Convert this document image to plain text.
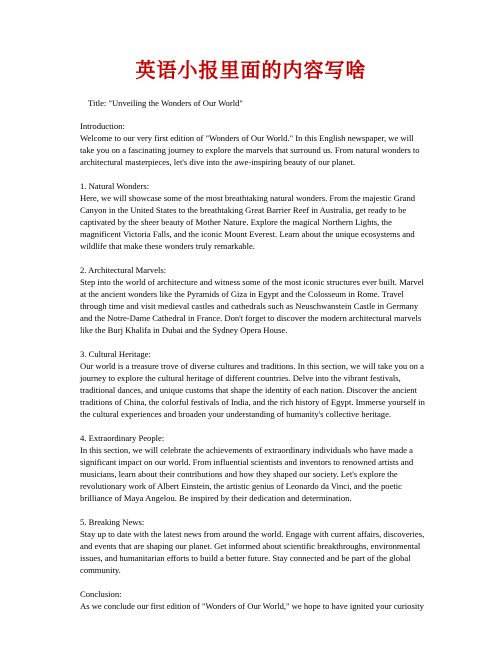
英语小报里面的内容写啥

Title: "Unveiling the Wonders of Our World"

Introduction:

Welcome to our very first edition of "Wonders of Our World." In this English newspaper, we will take you on a fascinating journey to explore the marvels that surround us. From natural wonders to architectural masterpieces, let's dive into the awe-inspiring beauty of our planet.

1. Natural Wonders:

Here, we will showcase some of the most breathtaking natural wonders. From the majestic Grand Canyon in the United States to the breathtaking Great Barrier Reef in Australia, get ready to be captivated by the sheer beauty of Mother Nature. Explore the magical Northern Lights, the magnificent Victoria Falls, and the iconic Mount Everest. Learn about the unique ecosystems and wildlife that make these wonders truly remarkable.

2. Architectural Marvels:

Step into the world of architecture and witness some of the most iconic structures ever built. Marvel at the ancient wonders like the Pyramids of Giza in Egypt and the Colosseum in Rome. Travel through time and visit medieval castles and cathedrals such as Neuschwanstein Castle in Germany and the Notre-Dame Cathedral in France. Don't forget to discover the modern architectural marvels like the Burj Khalifa in Dubai and the Sydney Opera House.

3. Cultural Heritage:

Our world is a treasure trove of diverse cultures and traditions. In this section, we will take you on a journey to explore the cultural heritage of different countries. Delve into the vibrant festivals, traditional dances, and unique customs that shape the identity of each nation. Discover the ancient traditions of China, the colorful festivals of India, and the rich history of Egypt. Immerse yourself in the cultural experiences and broaden your understanding of humanity's collective heritage.

4. Extraordinary People:

In this section, we will celebrate the achievements of extraordinary individuals who have made a significant impact on our world. From influential scientists and inventors to renowned artists and musicians, learn about their contributions and how they shaped our society. Let's explore the revolutionary work of Albert Einstein, the artistic genius of Leonardo da Vinci, and the poetic brilliance of Maya Angelou. Be inspired by their dedication and determination.

5. Breaking News:

Stay up to date with the latest news from around the world. Engage with current affairs, discoveries, and events that are shaping our planet. Get informed about scientific breakthroughs, environmental issues, and humanitarian efforts to build a better future. Stay connected and be part of the global community.

Conclusion:

As we conclude our first edition of "Wonders of Our World," we hope to have ignited your curiosity
